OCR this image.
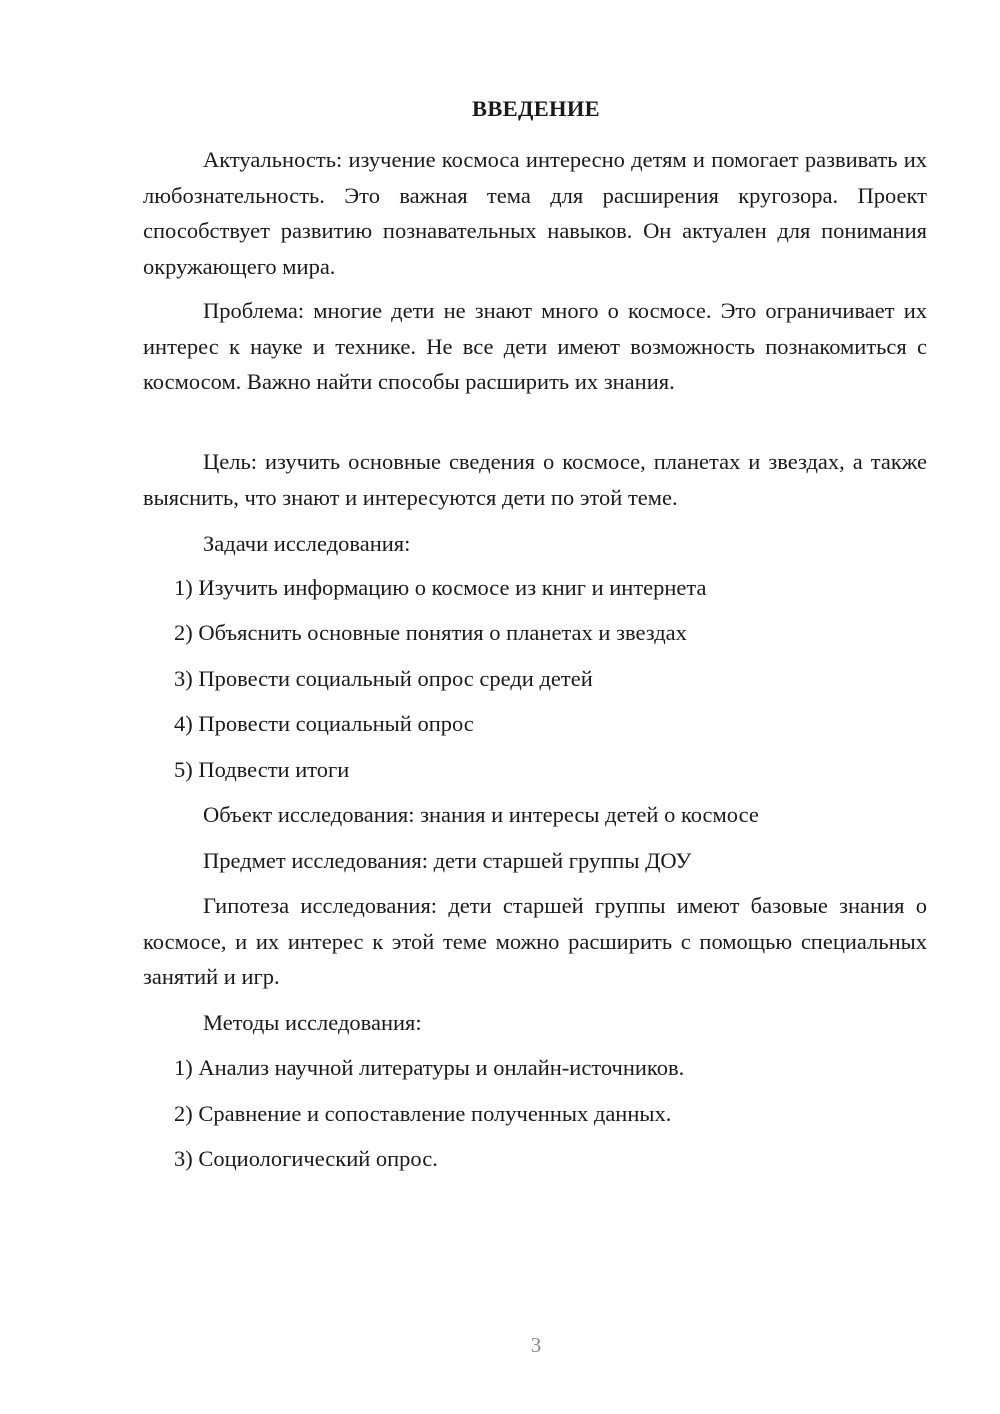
ВВЕДЕНИЕ
Актуальность: изучение космоса интересно детям и помогает развивать их любознательность. Это важная тема для расширения кругозора. Проект способствует развитию познавательных навыков. Он актуален для понимания окружающего мира.
Проблема: многие дети не знают много о космосе. Это ограничивает их интерес к науке и технике. Не все дети имеют возможность познакомиться с космосом. Важно найти способы расширить их знания.
Цель: изучить основные сведения о космосе, планетах и звездах, а также выяснить, что знают и интересуются дети по этой теме.
Задачи исследования:
1) Изучить информацию о космосе из книг и интернета
2) Объяснить основные понятия о планетах и звездах
3) Провести социальный опрос среди детей
4) Провести социальный опрос
5) Подвести итоги
Объект исследования: знания и интересы детей о космосе
Предмет исследования: дети старшей группы ДОУ
Гипотеза исследования: дети старшей группы имеют базовые знания о космосе, и их интерес к этой теме можно расширить с помощью специальных занятий и игр.
Методы исследования:
1) Анализ научной литературы и онлайн-источников.
2) Сравнение и сопоставление полученных данных.
3) Социологический опрос.
3
